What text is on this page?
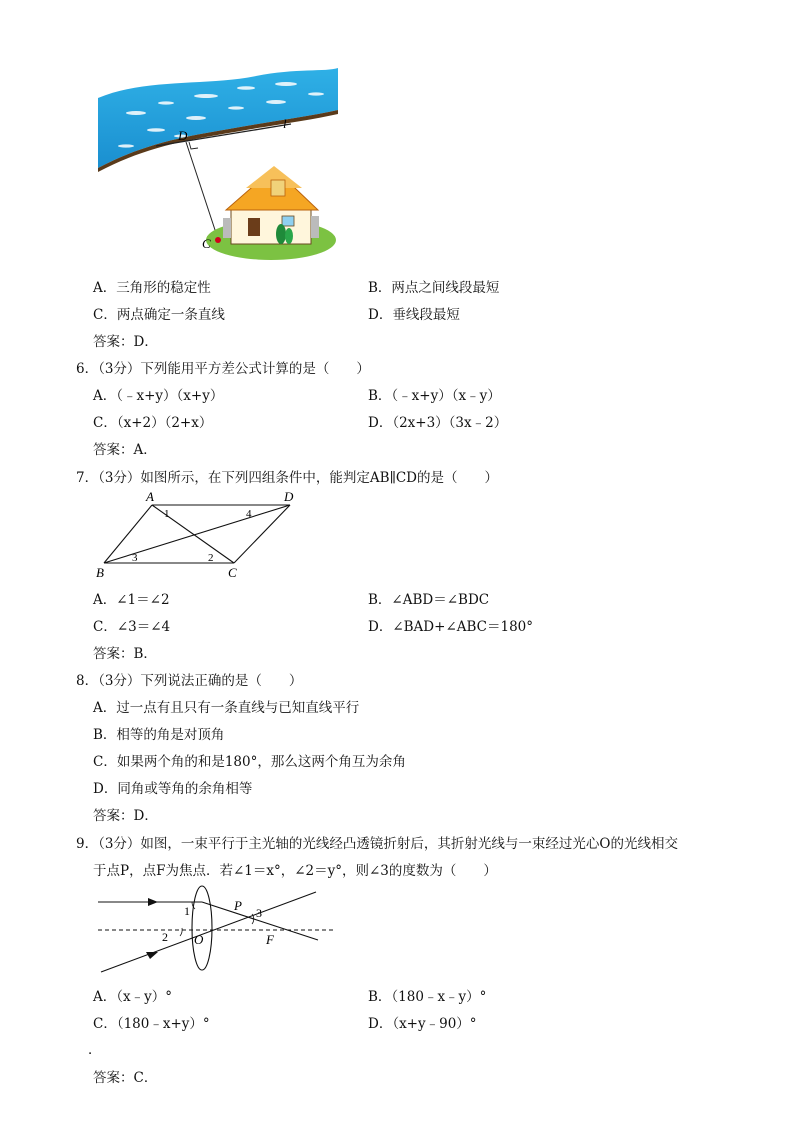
D
l
C
A．三角形的稳定性	B．两点之间线段最短
C．两点确定一条直线	D．垂线段最短
答案：D．
6．（3分）下列能用平方差公式计算的是（　　）
A．（﹣x+y）（x+y）	B．（﹣x+y）（x﹣y）
C．（x+2）（2+x）	D．（2x+3）（3x﹣2）
答案：A．
7．（3分）如图所示，在下列四组条件中，能判定AB∥CD的是（　　）
A	D
B	C
1	4
3	2
A．∠1＝∠2	B．∠ABD＝∠BDC
C．∠3＝∠4	D．∠BAD+∠ABC＝180°
答案：B．
8．（3分）下列说法正确的是（　　）
A．过一点有且只有一条直线与已知直线平行
B．相等的角是对顶角
C．如果两个角的和是180°，那么这两个角互为余角
D．同角或等角的余角相等
答案：D．
9．（3分）如图，一束平行于主光轴的光线经凸透镜折射后，其折射光线与一束经过光心O的光线相交
于点P，点F为焦点．若∠1＝x°，∠2＝y°，则∠3的度数为（　　）
1
2
3
P
O	F
A．（x﹣y）°	B．（180﹣x﹣y）°
C．（180﹣x+y）°	D．（x+y﹣90）°
．
答案：C．
